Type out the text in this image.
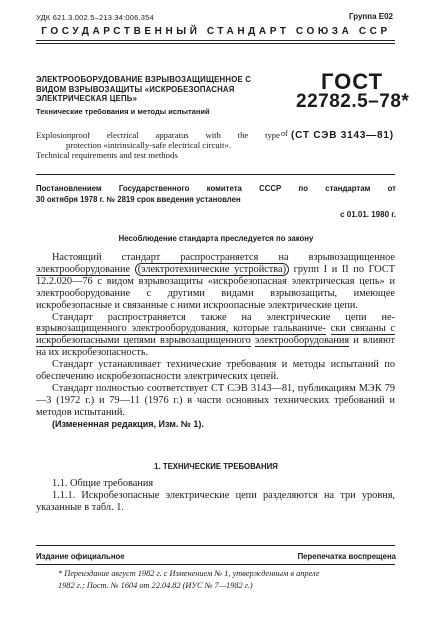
УДК 621.3.002.5–213.34:006.354	Группа Е02
ГОСУДАРСТВЕННЫЙ СТАНДАРТ СОЮЗА ССР
ЭЛЕКТРООБОРУДОВАНИЕ ВЗРЫВОЗАЩИЩЕННОЕ С
ВИДОМ ВЗРЫВОЗАЩИТЫ «ИСКРОБЕЗОПАСНАЯ
ЭЛЕКТРИЧЕСКАЯ ЦЕПЬ»
Технические требования и методы испытаний
ГОСТ
22782.5–78*
Explosionproof electrical apparatus with the type
protection «intrinsically-safe electrical circuit».
Technical requirements and test methods
of (СТ СЭВ 3143—81)
Постановлением Государственного комитета СССР по стандартам от
30 октября 1978 г. № 2819 срок введения установлен
с 01.01. 1980 г.
Несоблюдение стандарта преследуется по закону

Настоящий стандарт распространяется на взрывозащищенное электрооборудование (электротехнические устройства) групп I и II по ГОСТ 12.2.020—76 с видом взрывозащиты «искробезопасная электрическая цепь» и электрооборудование с другими видами взрывозащиты, имеющее искробезопасные и связанные с ними искроопасные электрические цепи.

Стандарт распространяется также на электрические цепи не- взрывозащищенного электрооборудования, которые гальваниче- ски связаны с искробезопасными цепями взрывозащищенного электрооборудования и влияют на их искробезопасность.

Стандарт устанавливает технические требования и методы испытаний по обеспечению искробезопасности электрических цепей.

Стандарт полностью соответствует СТ СЭВ 3143—81, публикациям МЭК 79—3 (1972 г.) и 79—11 (1976 г.) в части основных технических требований и методов испытаний.

(Измененная редакция, Изм. № 1).

1. ТЕХНИЧЕСКИЕ ТРЕБОВАНИЯ

1.1. Общие требования

1.1.1. Искробезопасные электрические цепи разделяются на три уровня, указанные в табл. 1.

Издание официальное	Перепечатка воспрещена
* Переиздание август 1982 г. с Изменением № 1, утвержденным в апреле
1982 г.; Пост. № 1604 от 22.04.82 (ИУС № 7—1982 г.)
